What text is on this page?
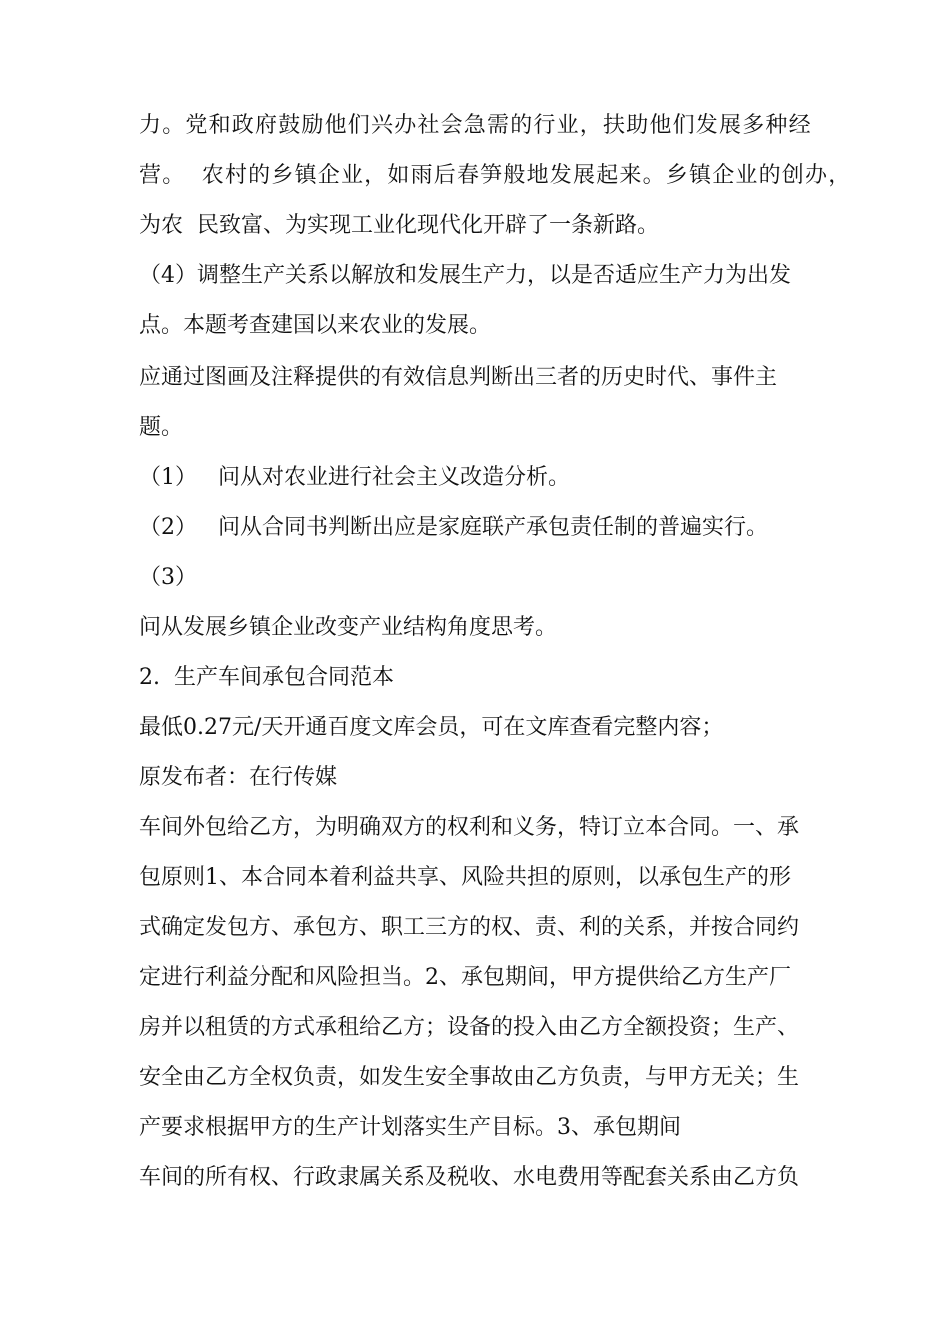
力。党和政府鼓励他们兴办社会急需的行业，扶助他们发展多种经
营。  农村的乡镇企业，如雨后春笋般地发展起来。乡镇企业的创办，
为农  民致富、为实现工业化现代化开辟了一条新路。
（4）调整生产关系以解放和发展生产力，以是否适应生产力为出发
点。本题考查建国以来农业的发展。
应通过图画及注释提供的有效信息判断出三者的历史时代、事件主
题。
（1）   问从对农业进行社会主义改造分析。
（2）   问从合同书判断出应是家庭联产承包责任制的普遍实行。
（3）
问从发展乡镇企业改变产业结构角度思考。
2.  生产车间承包合同范本
最低0.27元/天开通百度文库会员，可在文库查看完整内容；
原发布者：在行传媒
车间外包给乙方，为明确双方的权利和义务，特订立本合同。一、承
包原则1、本合同本着利益共享、风险共担的原则，以承包生产的形
式确定发包方、承包方、职工三方的权、责、利的关系，并按合同约
定进行利益分配和风险担当。2、承包期间，甲方提供给乙方生产厂
房并以租赁的方式承租给乙方；设备的投入由乙方全额投资；生产、
安全由乙方全权负责，如发生安全事故由乙方负责，与甲方无关；生
产要求根据甲方的生产计划落实生产目标。3、承包期间
车间的所有权、行政隶属关系及税收、水电费用等配套关系由乙方负
